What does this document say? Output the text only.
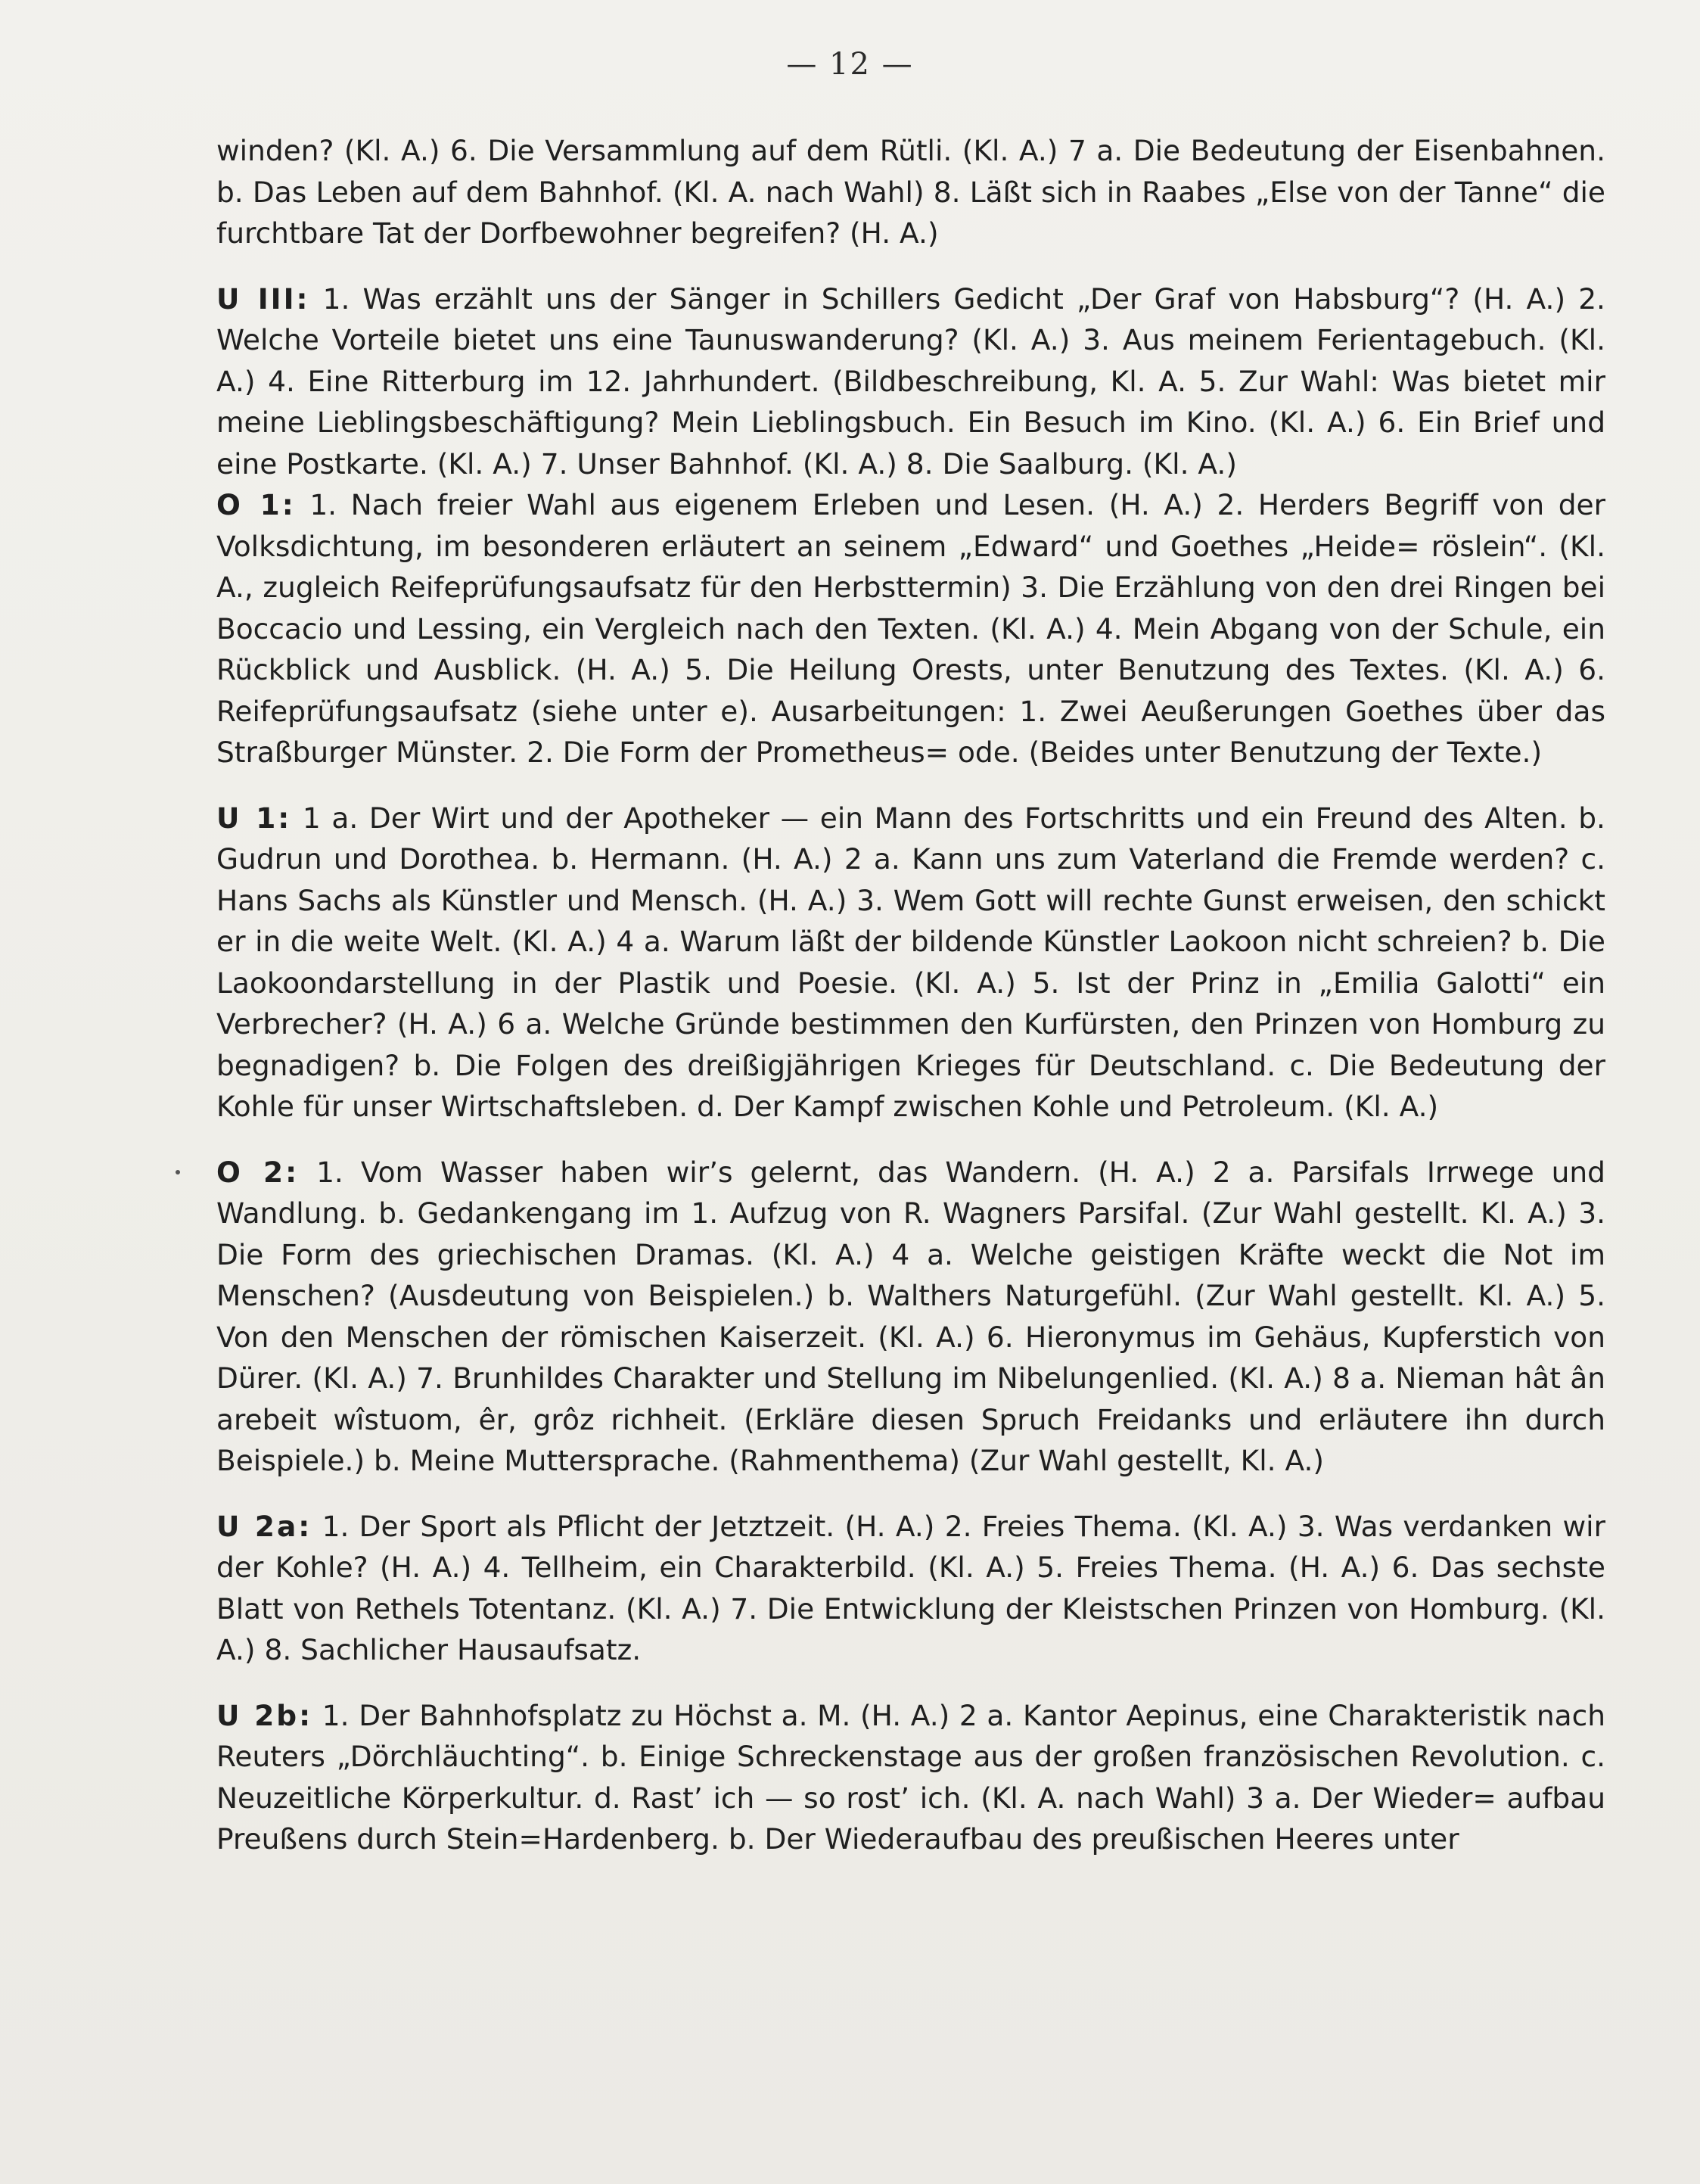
— 12 —

winden? (Kl. A.) 6. Die Versammlung auf dem Rütli. (Kl. A.) 7 a. Die Bedeutung der Eisenbahnen. b. Das Leben auf dem Bahnhof. (Kl. A. nach Wahl) 8. Läßt sich in Raabes „Else von der Tanne“ die furchtbare Tat der Dorfbewohner begreifen? (H. A.)

U III: 1. Was erzählt uns der Sänger in Schillers Gedicht „Der Graf von Habsburg“? (H. A.) 2. Welche Vorteile bietet uns eine Taunuswanderung? (Kl. A.) 3. Aus meinem Ferientagebuch. (Kl. A.) 4. Eine Ritterburg im 12. Jahrhundert. (Bildbeschreibung, Kl. A. 5. Zur Wahl: Was bietet mir meine Lieblingsbeschäftigung? Mein Lieblingsbuch. Ein Besuch im Kino. (Kl. A.) 6. Ein Brief und eine Postkarte. (Kl. A.) 7. Unser Bahnhof. (Kl. A.) 8. Die Saalburg. (Kl. A.)

O 1: 1. Nach freier Wahl aus eigenem Erleben und Lesen. (H. A.) 2. Herders Begriff von der Volksdichtung, im besonderen erläutert an seinem „Edward“ und Goethes „Heide= röslein“. (Kl. A., zugleich Reifeprüfungsaufsatz für den Herbsttermin) 3. Die Erzählung von den drei Ringen bei Boccacio und Lessing, ein Vergleich nach den Texten. (Kl. A.) 4. Mein Abgang von der Schule, ein Rückblick und Ausblick. (H. A.) 5. Die Heilung Orests, unter Benutzung des Textes. (Kl. A.) 6. Reifeprüfungsaufsatz (siehe unter e). Ausarbeitungen: 1. Zwei Aeußerungen Goethes über das Straßburger Münster. 2. Die Form der Prometheus= ode. (Beides unter Benutzung der Texte.)

U 1: 1 a. Der Wirt und der Apotheker — ein Mann des Fortschritts und ein Freund des Alten. b. Gudrun und Dorothea. b. Hermann. (H. A.) 2 a. Kann uns zum Vaterland die Fremde werden? c. Hans Sachs als Künstler und Mensch. (H. A.) 3. Wem Gott will rechte Gunst erweisen, den schickt er in die weite Welt. (Kl. A.) 4 a. Warum läßt der bildende Künstler Laokoon nicht schreien? b. Die Laokoondarstellung in der Plastik und Poesie. (Kl. A.) 5. Ist der Prinz in „Emilia Galotti“ ein Verbrecher? (H. A.) 6 a. Welche Gründe bestimmen den Kurfürsten, den Prinzen von Homburg zu begnadigen? b. Die Folgen des dreißigjährigen Krieges für Deutschland. c. Die Bedeutung der Kohle für unser Wirtschaftsleben. d. Der Kampf zwischen Kohle und Petroleum. (Kl. A.)

O 2: 1. Vom Wasser haben wir’s gelernt, das Wandern. (H. A.) 2 a. Parsifals Irrwege und Wandlung. b. Gedankengang im 1. Aufzug von R. Wagners Parsifal. (Zur Wahl gestellt. Kl. A.) 3. Die Form des griechischen Dramas. (Kl. A.) 4 a. Welche geistigen Kräfte weckt die Not im Menschen? (Ausdeutung von Beispielen.) b. Walthers Naturgefühl. (Zur Wahl gestellt. Kl. A.) 5. Von den Menschen der römischen Kaiserzeit. (Kl. A.) 6. Hieronymus im Gehäus, Kupferstich von Dürer. (Kl. A.) 7. Brunhildes Charakter und Stellung im Nibelungenlied. (Kl. A.) 8 a. Nieman hât ân arebeit wîstuom, êr, grôz richheit. (Erkläre diesen Spruch Freidanks und erläutere ihn durch Beispiele.) b. Meine Muttersprache. (Rahmenthema) (Zur Wahl gestellt, Kl. A.)

U 2a: 1. Der Sport als Pflicht der Jetztzeit. (H. A.) 2. Freies Thema. (Kl. A.) 3. Was verdanken wir der Kohle? (H. A.) 4. Tellheim, ein Charakterbild. (Kl. A.) 5. Freies Thema. (H. A.) 6. Das sechste Blatt von Rethels Totentanz. (Kl. A.) 7. Die Entwicklung der Kleistschen Prinzen von Homburg. (Kl. A.) 8. Sachlicher Hausaufsatz.

U 2b: 1. Der Bahnhofsplatz zu Höchst a. M. (H. A.) 2 a. Kantor Aepinus, eine Charakteristik nach Reuters „Dörchläuchting“. b. Einige Schreckenstage aus der großen französischen Revolution. c. Neuzeitliche Körperkultur. d. Rast’ ich — so rost’ ich. (Kl. A. nach Wahl) 3 a. Der Wieder= aufbau Preußens durch Stein=Hardenberg. b. Der Wiederaufbau des preußischen Heeres unter
